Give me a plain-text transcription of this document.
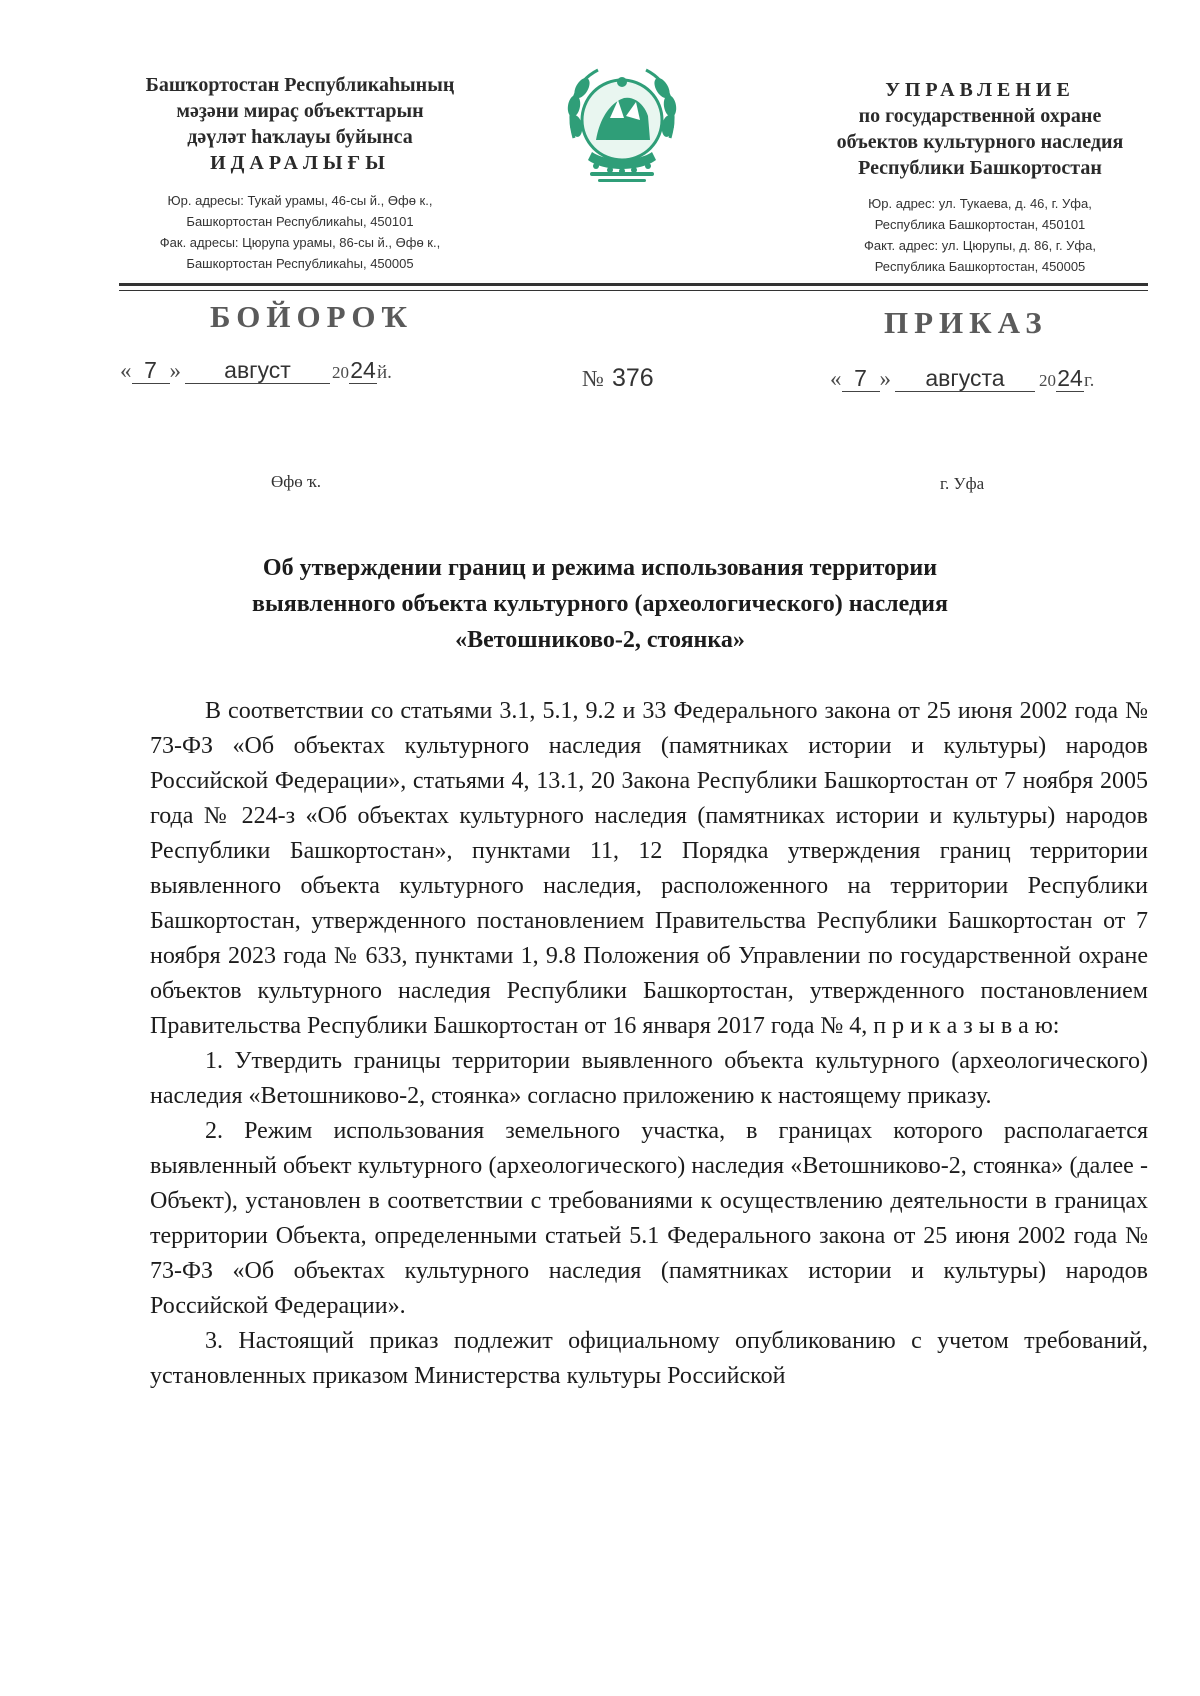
Башҡортостан Республикаһының
мәҙәни мираҫ объекттарын
дәүләт һаҡлауы буйынса
ИДАРАЛЫҒЫ
Юр. адресы: Тукай урамы, 46-сы й., Өфө к.,
Башкортостан Республикаһы, 450101
Фак. адресы: Цюрупа урамы, 86-сы й., Өфө к.,
Башкортостан Республикаһы, 450005
УПРАВЛЕНИЕ
по государственной охране
объектов культурного наследия
Республики Башкортостан
Юр. адрес: ул. Тукаева, д. 46, г. Уфа,
Республика Башкортостан, 450101
Факт. адрес: ул. Цюрупы, д. 86, г. Уфа,
Республика Башкортостан, 450005
БОЙОРОҠ	ПРИКАЗ
« 7 » август 2024й.	№ 376	« 7 » августа 2024г.
Өфө ҡ.	г. Уфа
Об утверждении границ и режима использования территории
выявленного объекта культурного (археологического) наследия
«Ветошниково-2, стоянка»

В соответствии со статьями 3.1, 5.1, 9.2 и 33 Федерального закона от 25 июня 2002 года № 73-ФЗ «Об объектах культурного наследия (памятниках истории и культуры) народов Российской Федерации», статьями 4, 13.1, 20 Закона Республики Башкортостан от 7 ноября 2005 года № 224-з «Об объектах культурного наследия (памятниках истории и культуры) народов Республики Башкортостан», пунктами 11, 12 Порядка утверждения границ территории выявленного объекта культурного наследия, расположенного на территории Республики Башкортостан, утвержденного постановлением Правительства Республики Башкортостан от 7 ноября 2023 года № 633, пунктами 1, 9.8 Положения об Управлении по государственной охране объектов культурного наследия Республики Башкортостан, утвержденного постановлением Правительства Республики Башкортостан от 16 января 2017 года № 4, п р и к а з ы в а ю:

1. Утвердить границы территории выявленного объекта культурного (археологического) наследия «Ветошниково-2, стоянка» согласно приложению к настоящему приказу.

2. Режим использования земельного участка, в границах которого располагается выявленный объект культурного (археологического) наследия «Ветошниково-2, стоянка» (далее - Объект), установлен в соответствии с требованиями к осуществлению деятельности в границах территории Объекта, определенными статьей 5.1 Федерального закона от 25 июня 2002 года № 73-ФЗ «Об объектах культурного наследия (памятниках истории и культуры) народов Российской Федерации».

3. Настоящий приказ подлежит официальному опубликованию с учетом требований, установленных приказом Министерства культуры Российской
